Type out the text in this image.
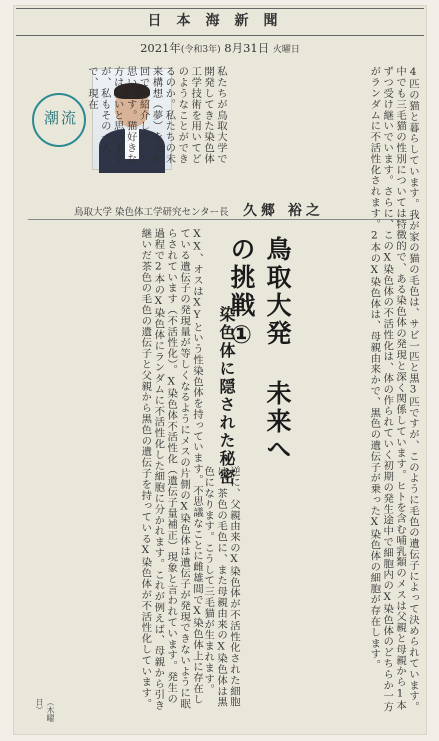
日本海新聞
2021年(令和3年) 8月31日 火曜日
潮流	私たちが鳥取大学で開発してきた染色体工学技術を用いてどのようなことができるのか。私たちの未来構想（夢）を全6回でご紹介したいと思います。猫好きな方は多いと思いますが、私もその一人で、現在
鳥取大学 染色体工学研究センター長 久郷 裕之	4匹の猫と暮らしています。我が家の猫の毛色は、サビ一匹と黒3匹ですが、このように毛色の遺伝子によって決められています。中でも三毛猫の性別については特徴的で、ある染色体の発現と深く関係しています。ヒトを含む哺乳類のメスは父親と母親から1本ずつ受け継いでいます。さらに、このX染色体の不活性化は、体の作られていく初期の発生途中で細胞内のX染色体のどちらか一方がランダムに不活性化されます。2本のX染色体は、母親由来かで、黒色の遺伝子が乗ったX染色体の細胞が存在します。
鳥取大発 未来への挑戦①
染色体に隠された秘密
XX、オスはXYという性染色体を持っています。不思議なことに雌雄間でX染色体上に存在している遺伝子の発現量が等しくなるようにメスの片側のX染色体は遺伝子が発現できないように眠らされています（不活性化）。X染色体不活性化（遺伝子量補正）現象と言われています。発生の過程で2本のX染色体にランダムに不活性化した細胞に分かれます。これが例えば、母親から引き継いだ茶色の毛色の遺伝子と父親から黒色の遺伝子を持っているX染色体が不活性化しています。	逆に、父親由来のX染色体が不活性化された細胞は、茶色の毛色に、また母親由来のX染色体は黒色になります。こうして三毛猫が生まれます。
（木曜日）
